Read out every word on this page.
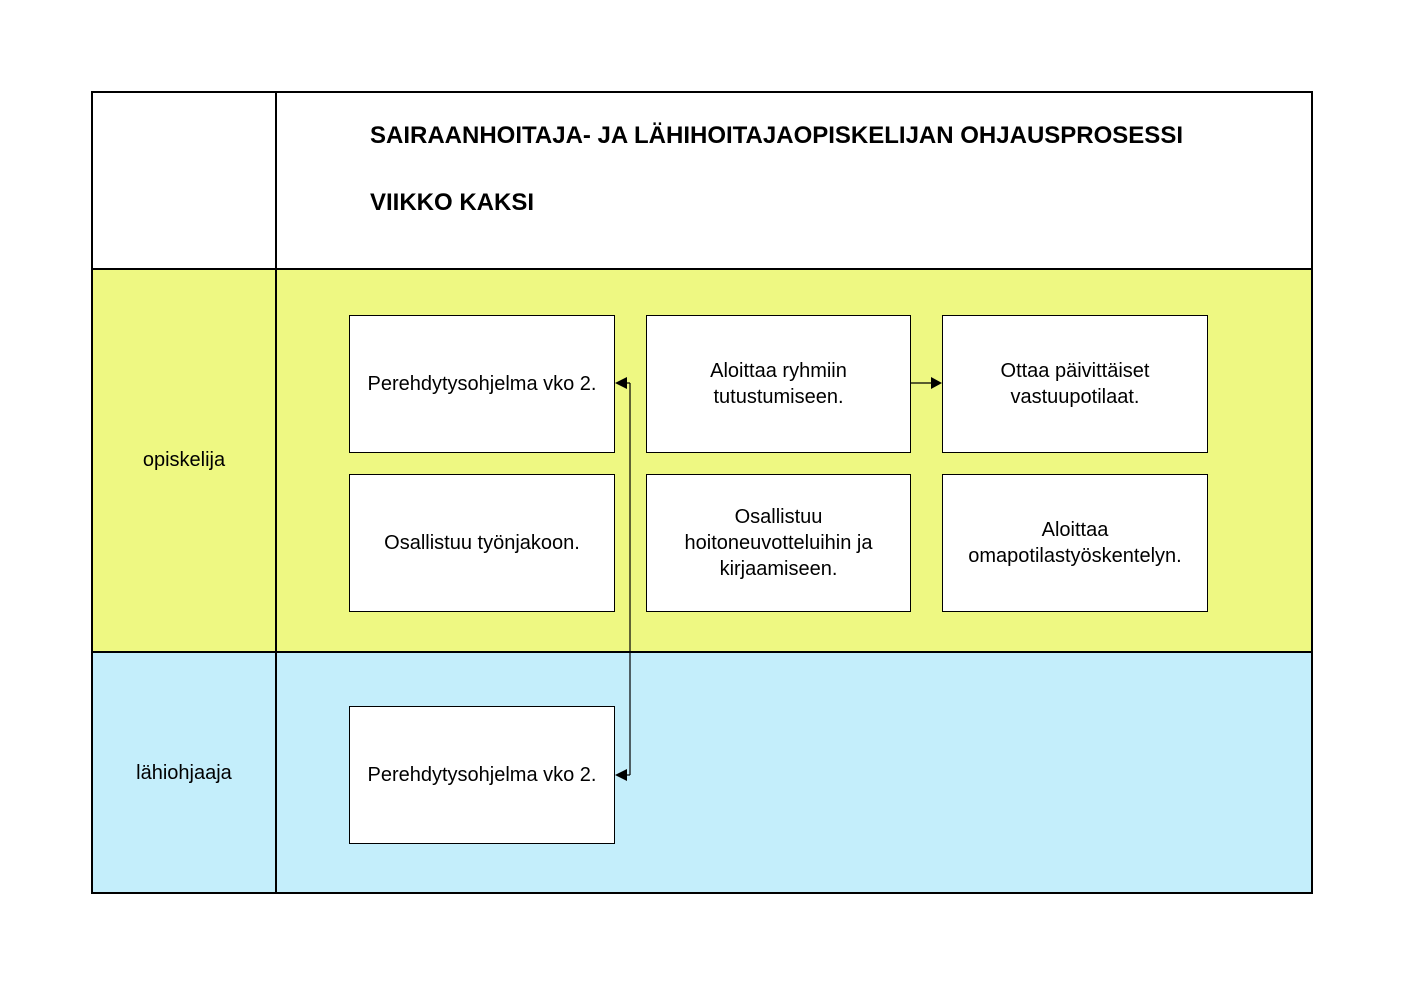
SAIRAANHOITAJA- JA LÄHIHOITAJAOPISKELIJAN OHJAUSPROSESSI
VIIKKO KAKSI
opiskelija
lähiohjaaja
Perehdytysohjelma vko 2.
Aloittaa ryhmiin tutustumiseen.
Ottaa päivittäiset vastuupotilaat.
Osallistuu työnjakoon.
Osallistuu hoitoneuvotteluihin ja kirjaamiseen.
Aloittaa omapotilastyöskentelyn.
Perehdytysohjelma vko 2.
